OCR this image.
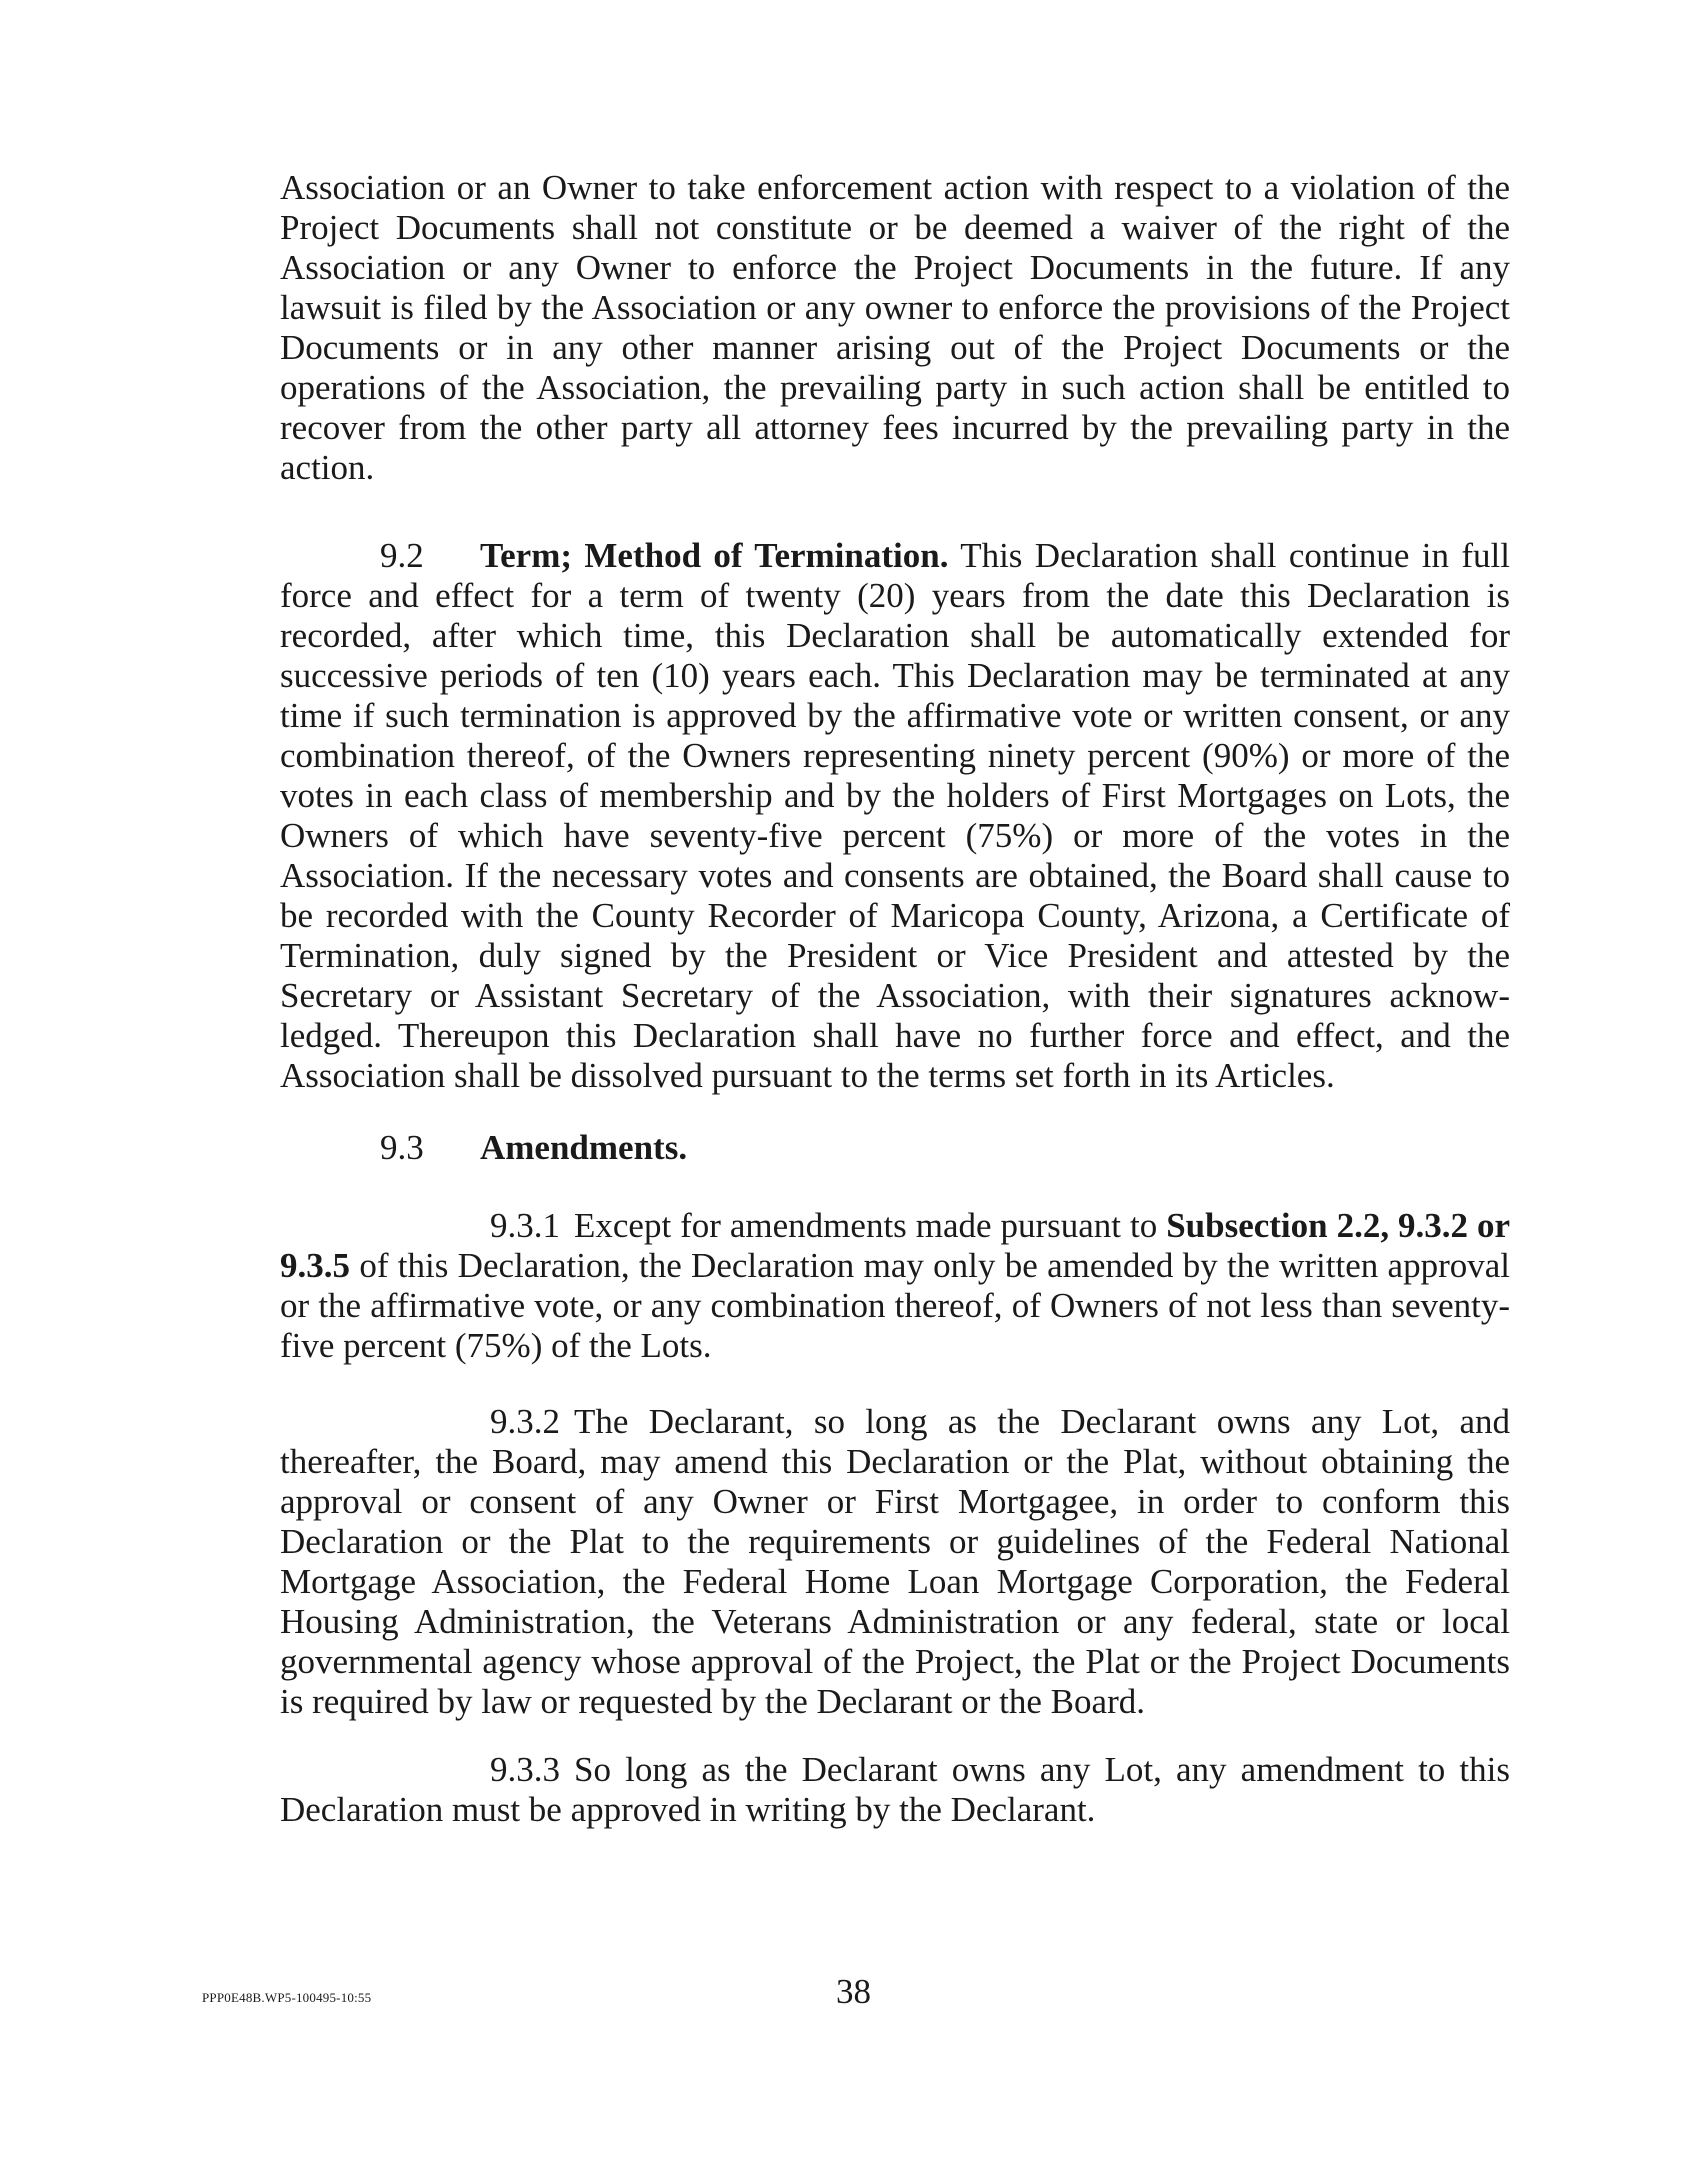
Association or an Owner to take enforcement action with respect to a violation of the Project Documents shall not constitute or be deemed a waiver of the right of the Association or any Owner to enforce the Project Documents in the future. If any lawsuit is filed by the Association or any owner to enforce the provisions of the Project Documents or in any other manner arising out of the Project Documents or the operations of the Association, the prevailing party in such action shall be entitled to recover from the other party all attorney fees incurred by the prevailing party in the action.

9.2 Term; Method of Termination. This Declaration shall continue in full force and effect for a term of twenty (20) years from the date this Declaration is recorded, after which time, this Declaration shall be automatically extended for successive periods of ten (10) years each. This Declaration may be terminated at any time if such termination is approved by the affirmative vote or written consent, or any combination thereof, of the Owners representing ninety percent (90%) or more of the votes in each class of membership and by the holders of First Mortgages on Lots, the Owners of which have seventy-five percent (75%) or more of the votes in the Association. If the necessary votes and consents are obtained, the Board shall cause to be recorded with the County Recorder of Maricopa County, Arizona, a Certificate of Termination, duly signed by the President or Vice President and attested by the Secretary or Assistant Secretary of the Association, with their signatures acknow-ledged. Thereupon this Declaration shall have no further force and effect, and the Association shall be dissolved pursuant to the terms set forth in its Articles.

9.3 Amendments.

9.3.1 Except for amendments made pursuant to Subsection 2.2, 9.3.2 or 9.3.5 of this Declaration, the Declaration may only be amended by the written approval or the affirmative vote, or any combination thereof, of Owners of not less than seventy-five percent (75%) of the Lots.

9.3.2 The Declarant, so long as the Declarant owns any Lot, and thereafter, the Board, may amend this Declaration or the Plat, without obtaining the approval or consent of any Owner or First Mortgagee, in order to conform this Declaration or the Plat to the requirements or guidelines of the Federal National Mortgage Association, the Federal Home Loan Mortgage Corporation, the Federal Housing Administration, the Veterans Administration or any federal, state or local governmental agency whose approval of the Project, the Plat or the Project Documents is required by law or requested by the Declarant or the Board.

9.3.3 So long as the Declarant owns any Lot, any amendment to this Declaration must be approved in writing by the Declarant.

PPP0E48B.WP5-100495-10:55	38
